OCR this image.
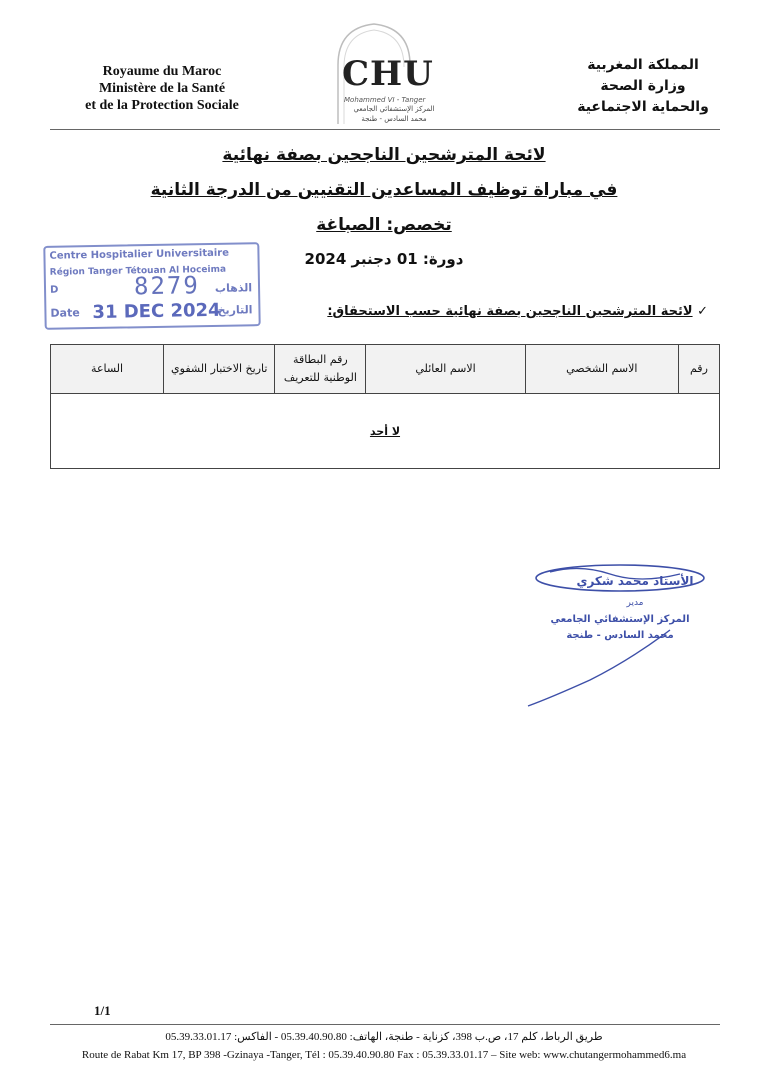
Royaume du Maroc
Ministère de la Santé
et de la Protection Sociale
CHU
Mohammed VI - Tanger
المركز الإستشفائي الجامعي
محمد السادس - طنجة
المملكة المغربية
وزارة الصحة
والحماية الاجتماعية
لائحة المترشحين الناجحين بصفة نهائية
في مباراة توظيف المساعدين التقنيين من الدرجة الثانية
تخصص: الصباغة
دورة: 01 دجنبر 2024
Centre Hospitalier Universitaire
Région Tanger Tétouan Al Hoceima
D	8279 الذهاب
Date 31 DEC 2024
التاريخ	✓ لائحة المترشحين الناجحين بصفة نهائية حسب الاستحقاق:
الساعة	تاريخ الاختبار الشفوي	رقم البطاقة الوطنية للتعريف	الاسم العائلي	الاسم الشخصي	رقم
لا أحد
الأستاذ محمد شكري
مدير
المركز الإستشفائي الجامعي
محمد السادس - طنجة
1/1
طريق الرباط، كلم 17، ص.ب 398، كزناية - طنجة، الهاتف: 05.39.40.90.80 - الفاكس: 05.39.33.01.17
Route de Rabat Km 17, BP 398 -Gzinaya -Tanger, Tél : 05.39.40.90.80 Fax : 05.39.33.01.17 – Site web: www.chutangermohammed6.ma
